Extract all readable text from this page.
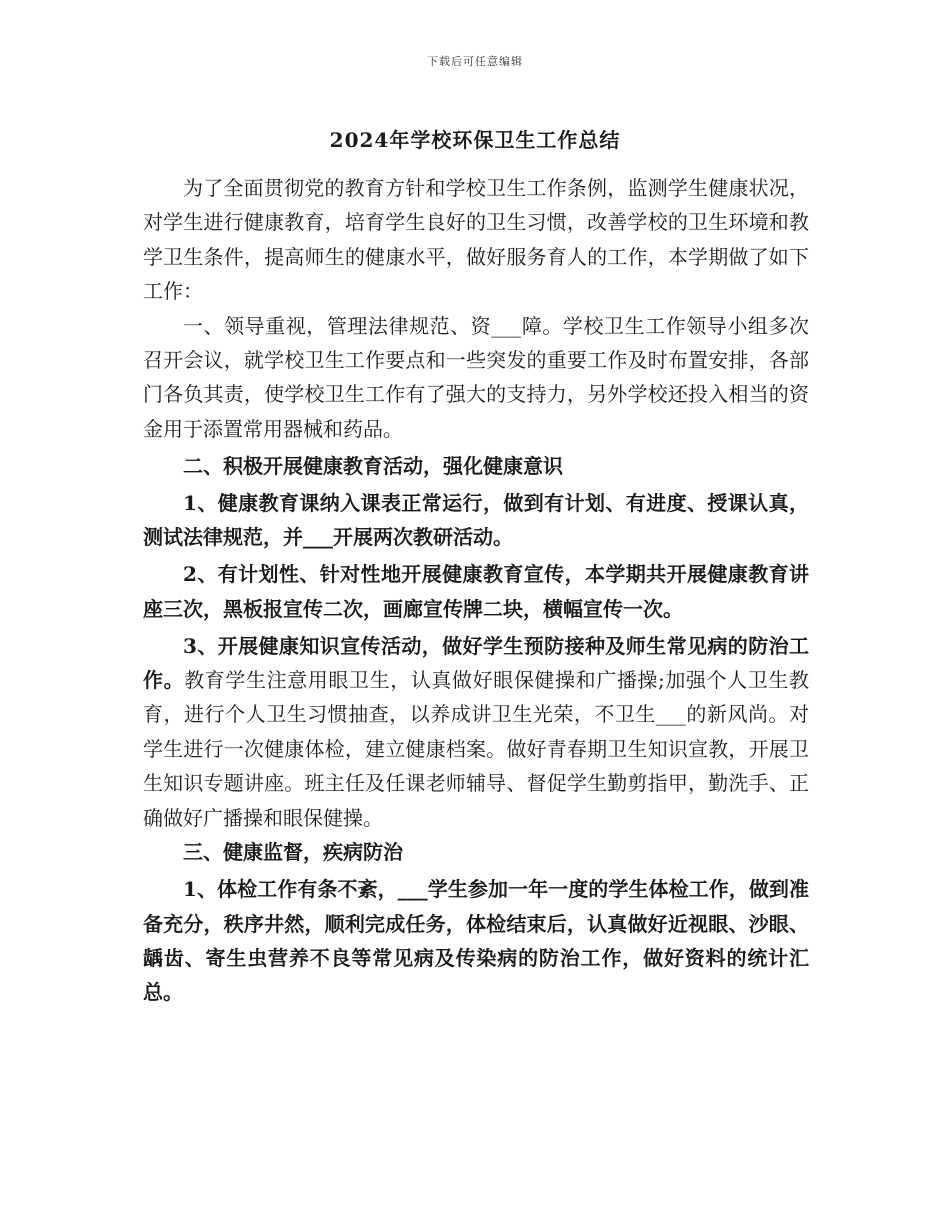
下载后可任意编辑
2024年学校环保卫生工作总结

为了全面贯彻党的教育方针和学校卫生工作条例，监测学生健康状况，对学生进行健康教育，培育学生良好的卫生习惯，改善学校的卫生环境和教学卫生条件，提高师生的健康水平，做好服务育人的工作，本学期做了如下工作：

一、领导重视，管理法律规范、资___障。学校卫生工作领导小组多次召开会议，就学校卫生工作要点和一些突发的重要工作及时布置安排，各部门各负其责，使学校卫生工作有了强大的支持力，另外学校还投入相当的资金用于添置常用器械和药品。

二、积极开展健康教育活动，强化健康意识

1、健康教育课纳入课表正常运行，做到有计划、有进度、授课认真，测试法律规范，并___开展两次教研活动。

2、有计划性、针对性地开展健康教育宣传，本学期共开展健康教育讲座三次，黑板报宣传二次，画廊宣传牌二块，横幅宣传一次。

3、开展健康知识宣传活动，做好学生预防接种及师生常见病的防治工作。教育学生注意用眼卫生，认真做好眼保健操和广播操;加强个人卫生教育，进行个人卫生习惯抽查，以养成讲卫生光荣，不卫生___的新风尚。对学生进行一次健康体检，建立健康档案。做好青春期卫生知识宣教，开展卫生知识专题讲座。班主任及任课老师辅导、督促学生勤剪指甲，勤洗手、正确做好广播操和眼保健操。

三、健康监督，疾病防治

1、体检工作有条不紊，___学生参加一年一度的学生体检工作，做到准备充分，秩序井然，顺利完成任务，体检结束后，认真做好近视眼、沙眼、龋齿、寄生虫营养不良等常见病及传染病的防治工作，做好资料的统计汇总。
